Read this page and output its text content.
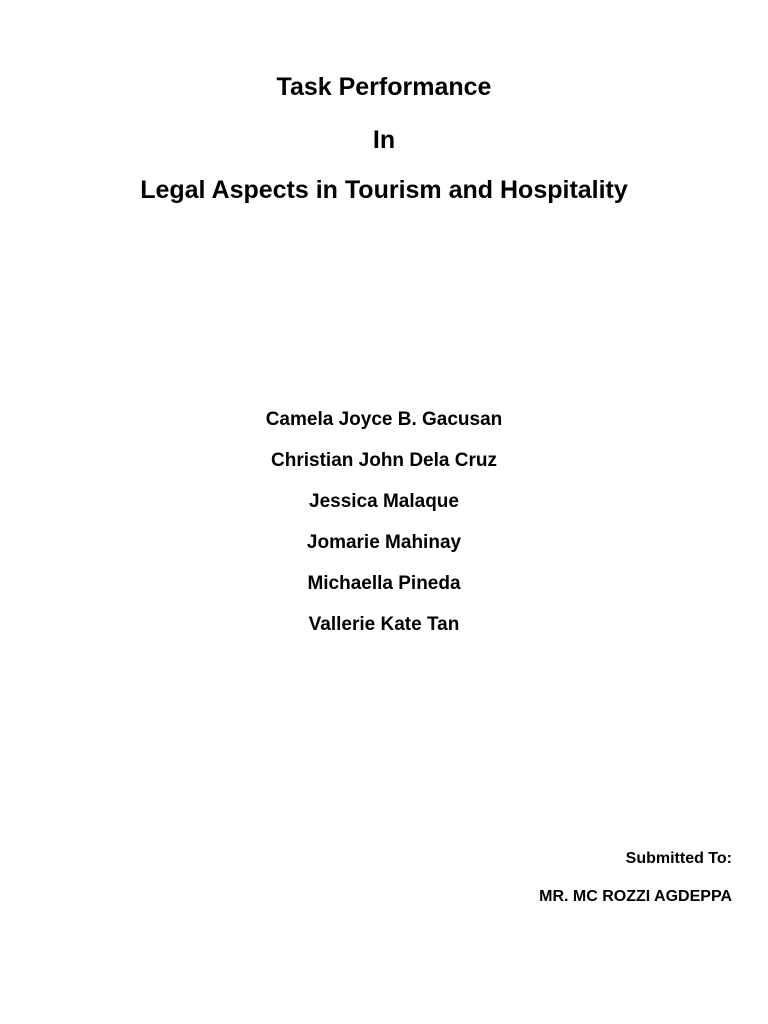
Task Performance
In
Legal Aspects in Tourism and Hospitality
Camela Joyce B. Gacusan
Christian John Dela Cruz
Jessica Malaque
Jomarie Mahinay
Michaella Pineda
Vallerie Kate Tan
Submitted To:
MR. MC ROZZI AGDEPPA
